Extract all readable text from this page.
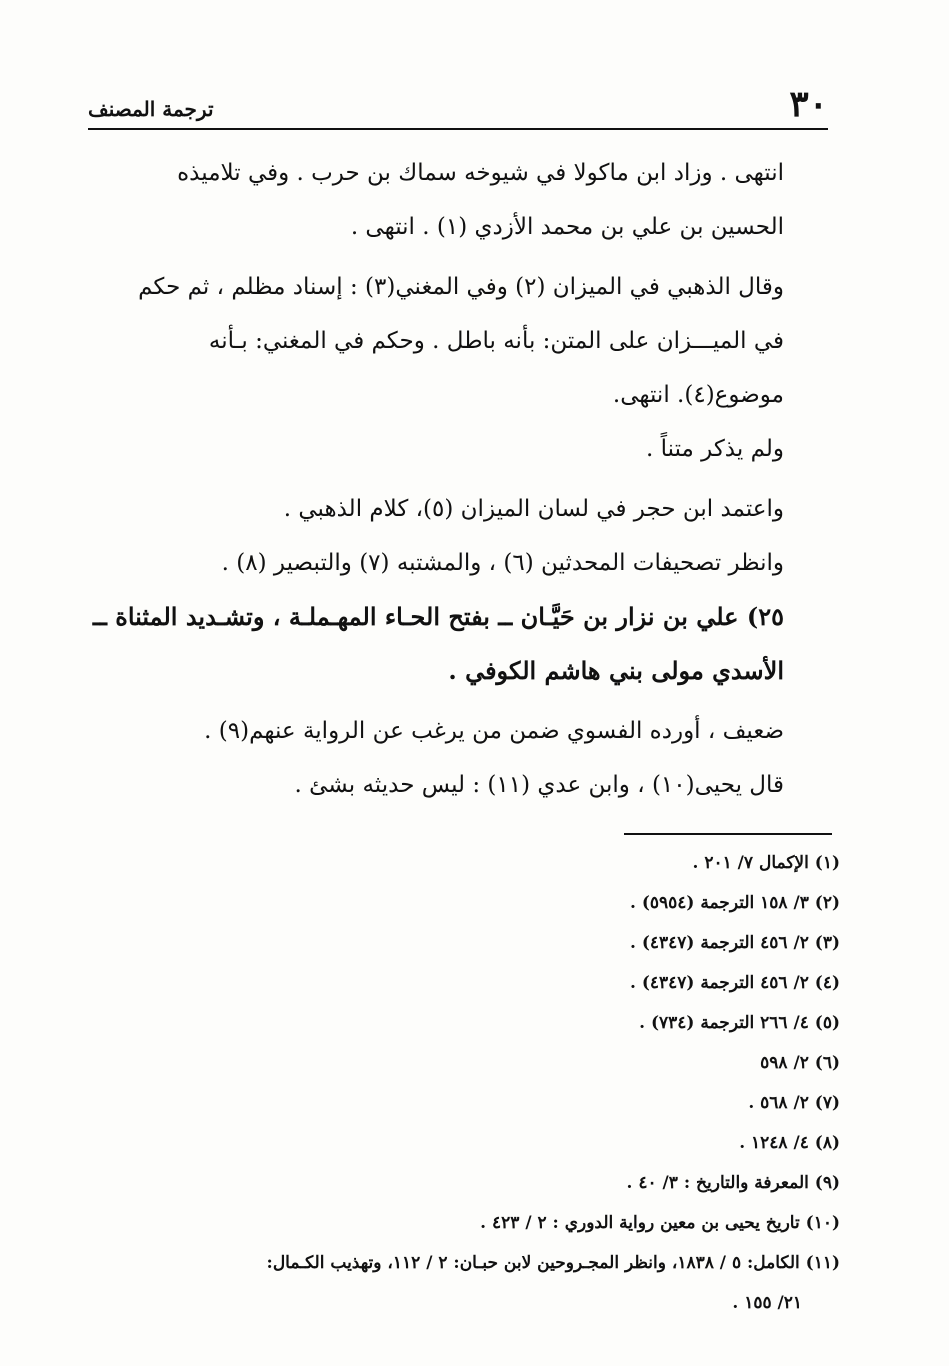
٣٠
ترجمة المصنف
انتهى . وزاد ابن ماكولا في شيوخه سماك بن حرب . وفي تلاميذه
الحسين بن علي بن محمد الأزدي (١) . انتهى .
وقال الذهبي في الميزان (٢) وفي المغني(٣) : إسناد مظلم ، ثم حكم
في الميـــزان على المتن: بأنه باطل . وحكم في المغني: بـأنه
موضوع(٤). انتهى.
ولم يذكر متناً .
واعتمد ابن حجر في لسان الميزان (٥)، كلام الذهبي .
وانظر تصحيفات المحدثين (٦) ، والمشتبه (٧) والتبصير (٨) .
٢٥) علي بن نزار بن حَيَّـان ــ بفتح الحـاء المهـملـة ، وتشـديد المثناة ــ
الأسدي مولى بني هاشم الكوفي .
ضعيف ، أورده الفسوي ضمن من يرغب عن الرواية عنهم(٩) .
قال يحيى(١٠) ، وابن عدي (١١) : ليس حديثه بشئ .
(١) الإكمال ٧/ ٢٠١ .
(٢) ٣/ ١٥٨ الترجمة (٥٩٥٤) .
(٣) ٢/ ٤٥٦ الترجمة (٤٣٤٧) .
(٤) ٢/ ٤٥٦ الترجمة (٤٣٤٧) .
(٥) ٤/ ٢٦٦ الترجمة (٧٣٤) .
(٦) ٢/ ٥٩٨
(٧) ٢/ ٥٦٨ .
(٨) ٤/ ١٢٤٨ .
(٩) المعرفة والتاريخ : ٣/ ٤٠ .
(١٠) تاريخ يحيى بن معين رواية الدوري : ٢ / ٤٢٣ .
(١١) الكامل: ٥ / ١٨٣٨، وانظر المجـروحين لابن حبـان: ٢ / ١١٢، وتهذيب الكـمال:
٢١/ ١٥٥ .
